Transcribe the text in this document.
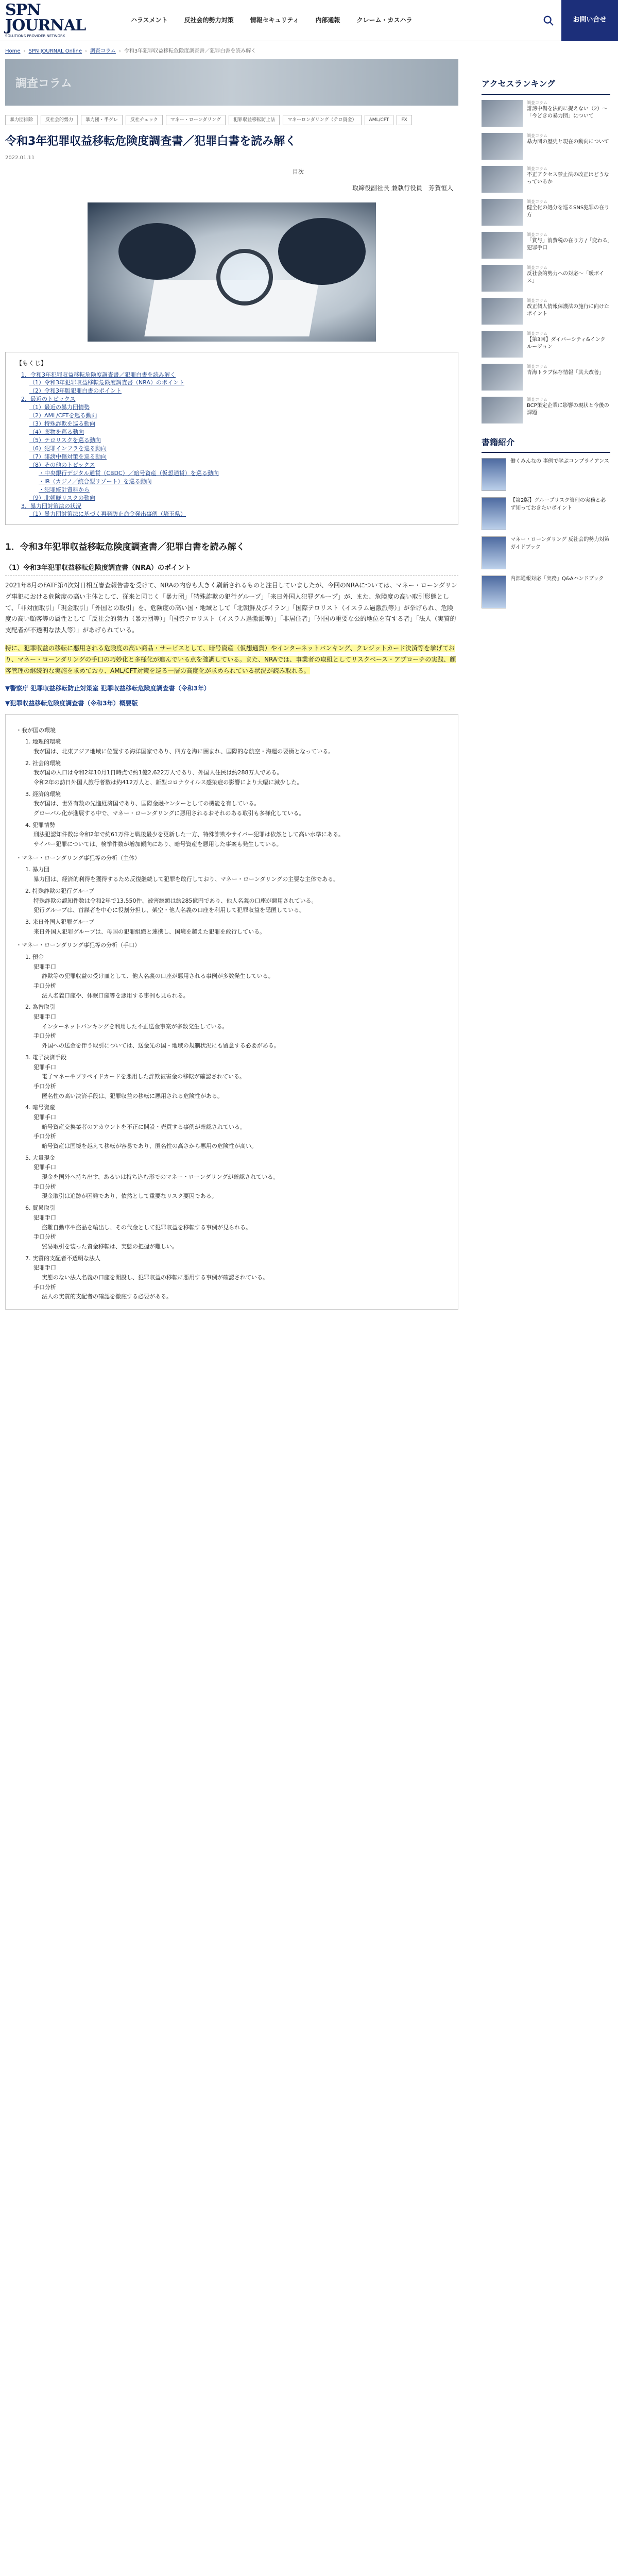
SPN JOURNAL
SOLUTIONS PROVIDER NETWORK
ハラスメント	反社会的勢力対策	情報セキュリティ	内部通報	クレーム・カスハラ	お問い合せ
Home › SPN JOURNAL Online › 調査コラム › 令和3年犯罪収益移転危険度調査書／犯罪白書を読み解く
調査コラム
暴力団排除	反社会的勢力	暴力団・半グレ	反社チェック	マネー・ローンダリング	犯罪収益移転防止法	マネーロンダリング（テロ資金）	AML/CFT	FX
令和3年犯罪収益移転危険度調査書／犯罪白書を読み解く
2022.01.11
目次
取締役副社長 兼執行役員　芳賀恒人
【もくじ】
1．令和3年犯罪収益移転危険度調査書／犯罪白書を読み解く
（1）令和3年犯罪収益移転危険度調査書（NRA）のポイント
（2）令和3年版犯罪白書のポイント
2．最近のトピックス
（1）最近の暴力団情勢
（2）AML/CFTを巡る動向
（3）特殊詐欺を巡る動向
（4）薬物を巡る動向
（5）テロリスクを巡る動向
（6）犯罪インフラを巡る動向
（7）誹謗中傷対策を巡る動向
（8）その他のトピックス
・中央銀行デジタル通貨（CBDC）／暗号資産（仮想通貨）を巡る動向
・IR（カジノ／統合型リゾート）を巡る動向
・犯罪統計資料から
（9）北朝鮮リスクの動向
3．暴力団対策法の状況
（1）暴力団対策法に基づく再発防止命令発出事例（埼玉県）
1．令和3年犯罪収益移転危険度調査書／犯罪白書を読み解く
（1）令和3年犯罪収益移転危険度調査書（NRA）のポイント

2021年8月のFATF第4次対日相互審査報告書を受けて、NRAの内容も大きく刷新されるものと注目していましたが、今回のNRAについては、マネー・ローンダリング事犯における危険度の高い主体として、従来と同じく「暴力団」「特殊詐欺の犯行グループ」「来日外国人犯罪グループ」が、また、危険度の高い取引形態として、「非対面取引」「現金取引」「外国との取引」を、危険度の高い国・地域として「北朝鮮及びイラン」「国際テロリスト（イスラム過激派等）」が挙げられ、危険度の高い顧客等の属性として「反社会的勢力（暴力団等）」「国際テロリスト（イスラム過激派等）」「非居住者」「外国の重要な公的地位を有する者」「法人（実質的支配者が不透明な法人等）」があげられている。

特に、犯罪収益の移転に悪用される危険度の高い商品・サービスとして、暗号資産（仮想通貨）やインターネットバンキング、クレジットカード決済等を挙げており、マネー・ローンダリングの手口の巧妙化と多様化が進んでいる点を強調している。また、NRAでは、事業者の取組としてリスクベース・アプローチの実践、顧客管理の継続的な実施を求めており、AML/CFT対策を巡る一層の高度化が求められている状況が読み取れる。

▼警察庁 犯罪収益移転防止対策室 犯罪収益移転危険度調査書（令和3年）
▼犯罪収益移転危険度調査書（令和3年）概要版
・我が国の環境
1. 地理的環境
我が国は、北東アジア地域に位置する海洋国家であり、四方を海に囲まれ、国際的な航空・海運の要衝となっている。
2. 社会的環境
我が国の人口は令和2年10月1日時点で約1億2,622万人であり、外国人住民は約288万人である。
令和2年の訪日外国人旅行者数は約412万人と、新型コロナウイルス感染症の影響により大幅に減少した。
3. 経済的環境
我が国は、世界有数の先進経済国であり、国際金融センターとしての機能を有している。
グローバル化が進展する中で、マネー・ローンダリングに悪用されるおそれのある取引も多様化している。
4. 犯罪情勢
刑法犯認知件数は令和2年で約61万件と戦後最少を更新した一方、特殊詐欺やサイバー犯罪は依然として高い水準にある。
サイバー犯罪については、検挙件数が増加傾向にあり、暗号資産を悪用した事案も発生している。
・マネー・ローンダリング事犯等の分析（主体）
1. 暴力団
暴力団は、経済的利得を獲得するため反復継続して犯罪を敢行しており、マネー・ローンダリングの主要な主体である。
2. 特殊詐欺の犯行グループ
特殊詐欺の認知件数は令和2年で13,550件、被害総額は約285億円であり、他人名義の口座が悪用されている。
犯行グループは、首謀者を中心に役割分担し、架空・他人名義の口座を利用して犯罪収益を隠匿している。
3. 来日外国人犯罪グループ
来日外国人犯罪グループは、母国の犯罪組織と連携し、国境を越えた犯罪を敢行している。
・マネー・ローンダリング事犯等の分析（手口）
1. 預金
犯罪手口
詐欺等の犯罪収益の受け皿として、他人名義の口座が悪用される事例が多数発生している。
手口分析
法人名義口座や、休眠口座等を悪用する事例も見られる。
2. 為替取引
犯罪手口
インターネットバンキングを利用した不正送金事案が多数発生している。
手口分析
外国への送金を伴う取引については、送金先の国・地域の規制状況にも留意する必要がある。
3. 電子決済手段
犯罪手口
電子マネーやプリペイドカードを悪用した詐欺被害金の移転が確認されている。
手口分析
匿名性の高い決済手段は、犯罪収益の移転に悪用される危険性がある。
4. 暗号資産
犯罪手口
暗号資産交換業者のアカウントを不正に開設・売買する事例が確認されている。
手口分析
暗号資産は国境を越えて移転が容易であり、匿名性の高さから悪用の危険性が高い。
5. 大量現金
犯罪手口
現金を国外へ持ち出す、あるいは持ち込む形でのマネー・ローンダリングが確認されている。
手口分析
現金取引は追跡が困難であり、依然として重要なリスク要因である。
6. 貿易取引
犯罪手口
盗難自動車や盗品を輸出し、その代金として犯罪収益を移転する事例が見られる。
手口分析
貿易取引を装った資金移転は、実態の把握が難しい。
7. 実質的支配者不透明な法人
犯罪手口
実態のない法人名義の口座を開設し、犯罪収益の移転に悪用する事例が確認されている。
手口分析
法人の実質的支配者の確認を徹底する必要がある。
アクセスランキング
調査コラム
誹謗中傷を法的に捉えない（2）～「今どきの暴力団」について
調査コラム
暴力団の歴史と現在の動向について
調査コラム
不正アクセス禁止法の改正はどうなっているか
調査コラム
健全化の処分を巡るSNS犯罪の在り方
調査コラム
「賞与」消費税の在り方 /「変わる」犯罪手口
調査コラム
反社会的勢力への対応～「暖ボイス」
調査コラム
改正個人情報保護法の施行に向けたポイント
調査コラム
【第3回】ダイバーシティ&インクルージョン
調査コラム
青海トラブ保存情報「其大改善」
調査コラム
BCP策定企業に影響の現状と今後の課題
書籍紹介
働くみんなの 事例で学ぶコンプライアンス
【第2版】グループリスク管理の実務と必ず知っておきたいポイント
マネー・ローンダリング 反社会的勢力対策ガイドブック
内部通報対応「実務」Q&Aハンドブック
